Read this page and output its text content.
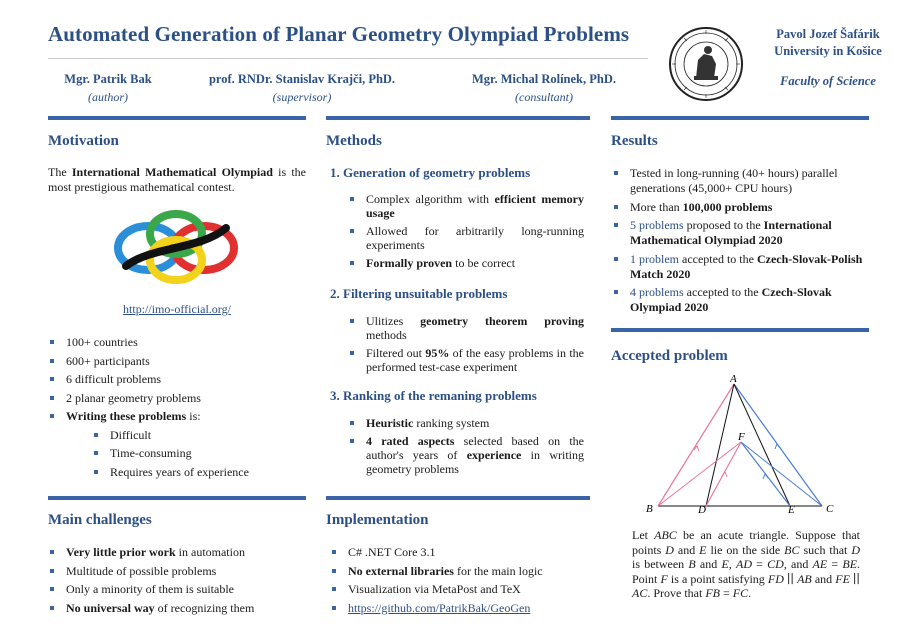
Automated Generation of Planar Geometry Olympiad Problems
Mgr. Patrik Bak
(author)
prof. RNDr. Stanislav Krajči, PhD.
(supervisor)
Mgr. Michal Rolínek, PhD.
(consultant)
Pavol Jozef Šafárik
University in Košice
Faculty of Science
Motivation
The International Mathematical Olympiad is the most prestigious mathematical contest.
http://imo-official.org/
100+ countries
600+ participants
6 difficult problems
2 planar geometry problems
Writing these problems is:
Difficult
Time-consuming
Requires years of experience
Main challenges
Very little prior work in automation
Multitude of possible problems
Only a minority of them is suitable
No universal way of recognizing them
Methods
1. Generation of geometry problems
Complex algorithm with efficient memory usage
Allowed for arbitrarily long-running experiments
Formally proven to be correct
2. Filtering unsuitable problems
Ulitizes geometry theorem proving methods
Filtered out 95% of the easy problems in the performed test-case experiment
3. Ranking of the remaning problems
Heuristic ranking system
4 rated aspects selected based on the author's years of experience in writing geometry problems
Implementation
C# .NET Core 3.1
No external libraries for the main logic
Visualization via MetaPost and TeX
https://github.com/PatrikBak/GeoGen
Results
Tested in long-running (40+ hours) parallel generations (45,000+ CPU hours)
More than 100,000 problems
5 problems proposed to the International Mathematical Olympiad 2020
1 problem accepted to the Czech-Slovak-Polish Match 2020
4 problems accepted to the Czech-Slovak Olympiad 2020
Accepted problem
A
B	C
D	E
F
Let ABC be an acute triangle. Suppose that points D and E lie on the side BC such that D is between B and E, AD = CD, and AE = BE. Point F is a point satisfying FD ∣∣ AB and FE ∣∣ AC. Prove that FB = FC.
